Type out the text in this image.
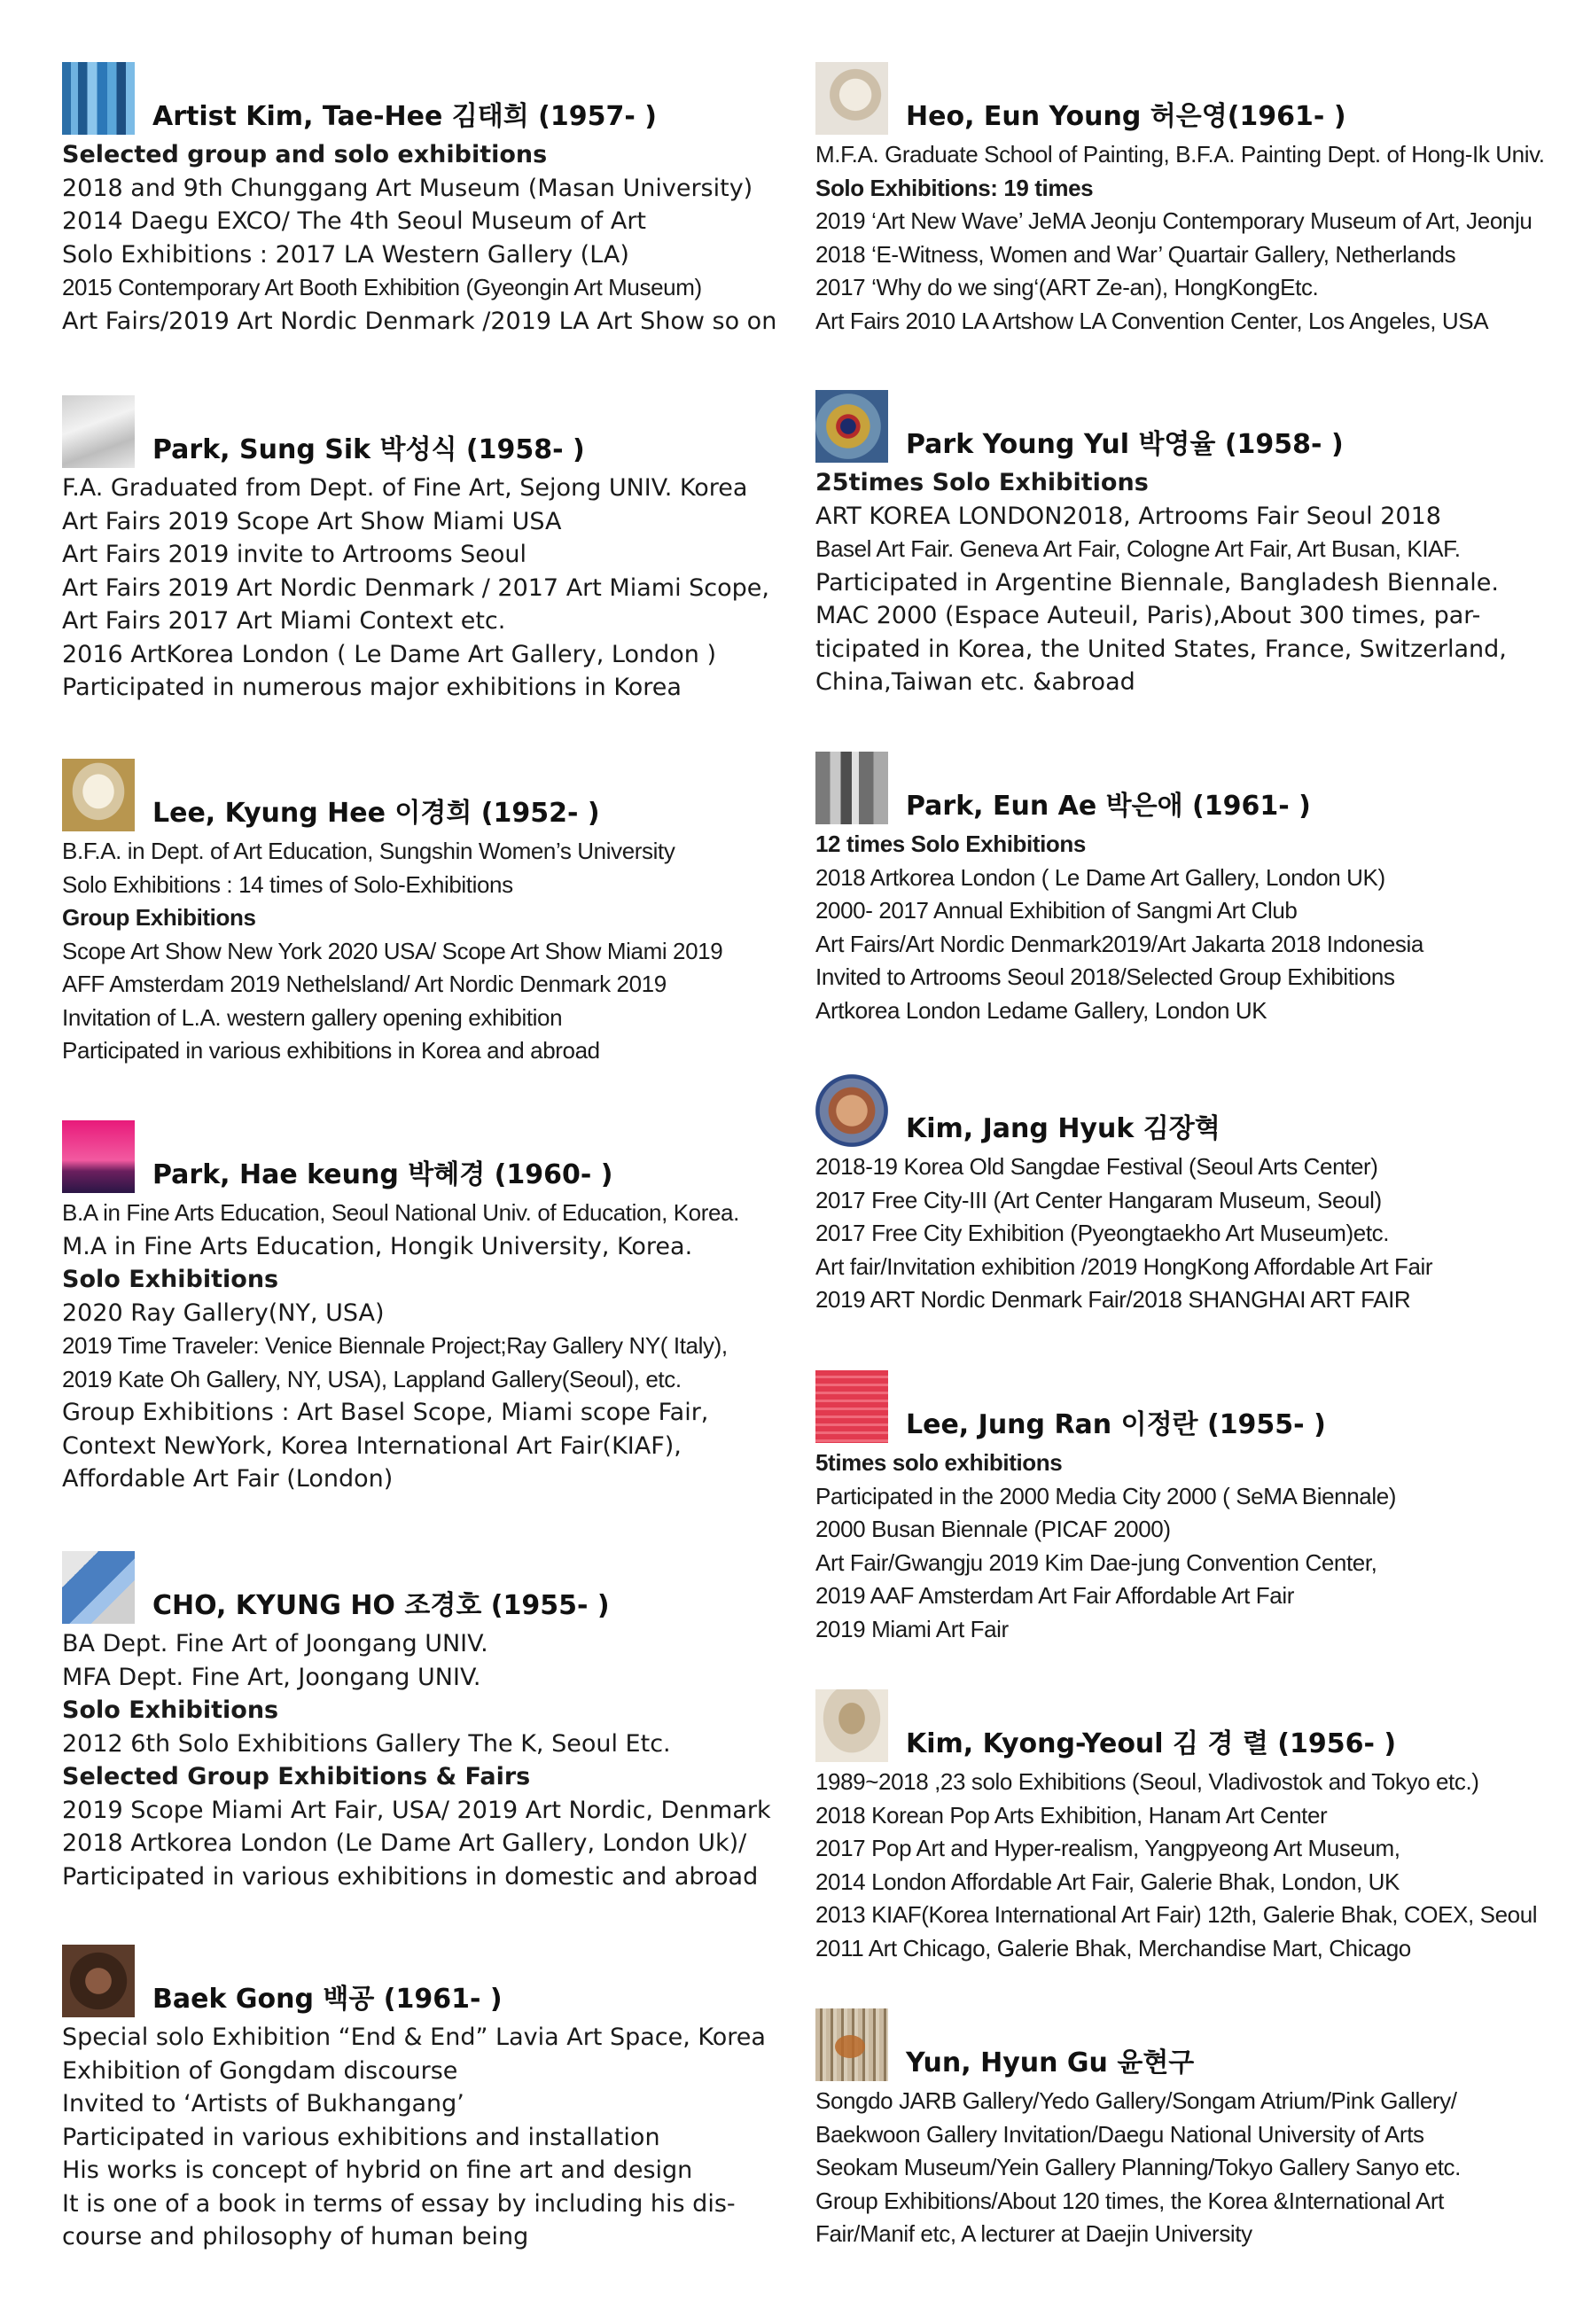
Artist Kim, Tae-Hee 김태희 (1957- )
Selected group and solo exhibitions
2018 and 9th Chunggang Art Museum (Masan University)
2014 Daegu EXCO/ The 4th Seoul Museum of Art
Solo Exhibitions : 2017 LA Western Gallery (LA)
2015 Contemporary Art Booth Exhibition (Gyeongin Art Museum)
Art Fairs/2019 Art Nordic Denmark /2019 LA Art Show so on
Park, Sung Sik 박성식 (1958- )
F.A. Graduated from Dept. of Fine Art, Sejong UNIV. Korea
Art Fairs 2019 Scope Art Show Miami USA
Art Fairs 2019 invite to Artrooms Seoul
Art Fairs 2019 Art Nordic Denmark / 2017 Art Miami Scope,
Art Fairs 2017 Art Miami Context etc.
2016 ArtKorea London ( Le Dame Art Gallery, London )
Participated in numerous major exhibitions in Korea
Lee, Kyung Hee 이경희 (1952- )
B.F.A. in Dept. of Art Education, Sungshin Women’s University
Solo Exhibitions : 14 times of Solo-Exhibitions
Group Exhibitions
Scope Art Show New York 2020 USA/ Scope Art Show Miami 2019
AFF Amsterdam 2019 Nethelsland/ Art Nordic Denmark 2019
Invitation of L.A. western gallery opening exhibition
Participated in various exhibitions in Korea and abroad
Park, Hae keung 박혜경 (1960- )
B.A in Fine Arts Education, Seoul National Univ. of Education, Korea.
M.A in Fine Arts Education, Hongik University, Korea.
Solo Exhibitions
2020 Ray Gallery(NY, USA)
2019 Time Traveler: Venice Biennale Project;Ray Gallery NY( Italy),
2019 Kate Oh Gallery, NY, USA), Lappland Gallery(Seoul), etc.
Group Exhibitions : Art Basel Scope, Miami scope Fair,
Context NewYork, Korea International Art Fair(KIAF),
Affordable Art Fair (London)
CHO, KYUNG HO 조경호 (1955- )
BA Dept. Fine Art of Joongang UNIV.
MFA Dept. Fine Art, Joongang UNIV.
Solo Exhibitions
2012 6th Solo Exhibitions Gallery The K, Seoul Etc.
Selected Group Exhibitions & Fairs
2019 Scope Miami Art Fair, USA/ 2019 Art Nordic, Denmark
2018 Artkorea London (Le Dame Art Gallery, London Uk)/
Participated in various exhibitions in domestic and abroad
Baek Gong 백공 (1961- )
Special solo Exhibition “End & End” Lavia Art Space, Korea
Exhibition of Gongdam discourse
Invited to ‘Artists of Bukhangang’
Participated in various exhibitions and installation
His works is concept of hybrid on fine art and design
It is one of a book in terms of essay by including his dis-
course and philosophy of human being
Heo, Eun Young 허은영(1961- )
M.F.A. Graduate School of Painting, B.F.A. Painting Dept. of Hong-Ik Univ.
Solo Exhibitions: 19 times
2019 ‘Art New Wave’ JeMA Jeonju Contemporary Museum of Art, Jeonju
2018 ‘E-Witness, Women and War’ Quartair Gallery, Netherlands
2017 ‘Why do we sing‘(ART Ze-an), HongKongEtc.
Art Fairs 2010 LA Artshow LA Convention Center, Los Angeles, USA
Park Young Yul 박영율 (1958- )
25times Solo Exhibitions
ART KOREA LONDON2018, Artrooms Fair Seoul 2018
Basel Art Fair. Geneva Art Fair, Cologne Art Fair, Art Busan, KIAF.
Participated in Argentine Biennale, Bangladesh Biennale.
MAC 2000 (Espace Auteuil, Paris),About 300 times, par-
ticipated in Korea, the United States, France, Switzerland,
China,Taiwan etc. &abroad
Park, Eun Ae 박은애 (1961- )
12 times Solo Exhibitions
2018 Artkorea London ( Le Dame Art Gallery, London UK)
2000- 2017 Annual Exhibition of Sangmi Art Club
Art Fairs/Art Nordic Denmark2019/Art Jakarta 2018 Indonesia
Invited to Artrooms Seoul 2018/Selected Group Exhibitions
Artkorea London Ledame Gallery, London UK
Kim, Jang Hyuk 김장혁
2018-19 Korea Old Sangdae Festival (Seoul Arts Center)
2017 Free City-III (Art Center Hangaram Museum, Seoul)
2017 Free City Exhibition (Pyeongtaekho Art Museum)etc.
Art fair/Invitation exhibition /2019 HongKong Affordable Art Fair
2019 ART Nordic Denmark Fair/2018 SHANGHAI ART FAIR
Lee, Jung Ran 이정란 (1955- )
5times solo exhibitions
Participated in the 2000 Media City 2000 ( SeMA Biennale)
2000 Busan Biennale (PICAF 2000)
Art Fair/Gwangju 2019 Kim Dae-jung Convention Center,
2019 AAF Amsterdam Art Fair Affordable Art Fair
2019 Miami Art Fair
Kim, Kyong-Yeoul 김 경 렬 (1956- )
1989~2018 ,23 solo Exhibitions (Seoul, Vladivostok and Tokyo etc.)
2018 Korean Pop Arts Exhibition, Hanam Art Center
2017 Pop Art and Hyper-realism, Yangpyeong Art Museum,
2014 London Affordable Art Fair, Galerie Bhak, London, UK
2013 KIAF(Korea International Art Fair) 12th, Galerie Bhak, COEX, Seoul
2011 Art Chicago, Galerie Bhak, Merchandise Mart, Chicago
Yun, Hyun Gu 윤현구
Songdo JARB Gallery/Yedo Gallery/Songam Atrium/Pink Gallery/
Baekwoon Gallery Invitation/Daegu National University of Arts
Seokam Museum/Yein Gallery Planning/Tokyo Gallery Sanyo etc.
Group Exhibitions/About 120 times, the Korea &International Art
Fair/Manif etc, A lecturer at Daejin University
